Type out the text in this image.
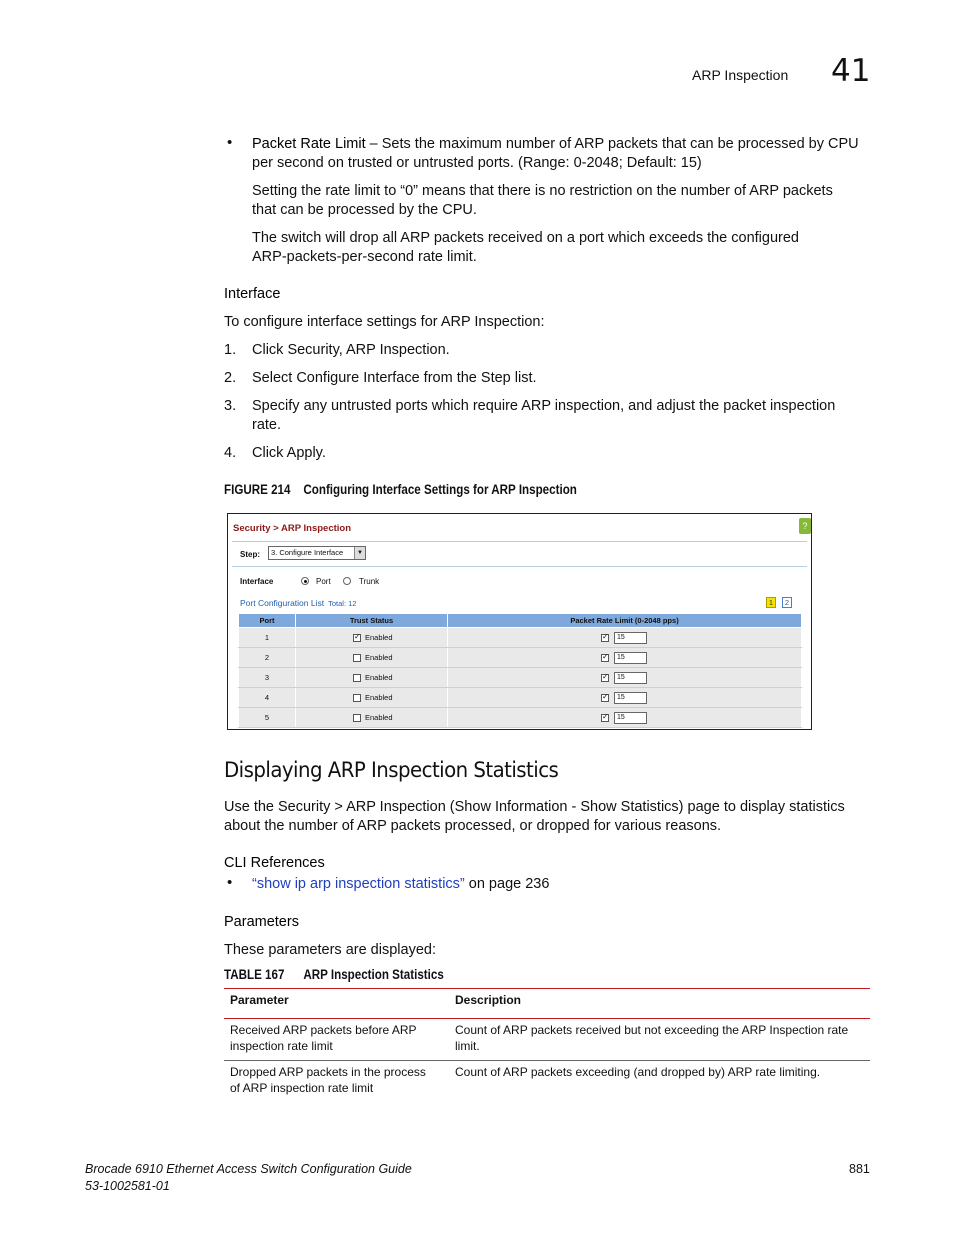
ARP Inspection 41
• Packet Rate Limit – Sets the maximum number of ARP packets that can be processed by CPU
per second on trusted or untrusted ports. (Range: 0-2048; Default: 15)
Setting the rate limit to “0” means that there is no restriction on the number of ARP packets
that can be processed by the CPU.
The switch will drop all ARP packets received on a port which exceeds the configured
ARP-packets-per-second rate limit.
Interface
To configure interface settings for ARP Inspection:
1. Click Security, ARP Inspection.
2. Select Configure Interface from the Step list.
3. Specify any untrusted ports which require ARP inspection, and adjust the packet inspection
rate.
4. Click Apply.
FIGURE 214 Configuring Interface Settings for ARP Inspection
Security > ARP Inspection	?
Step:	3. Configure Interface	▼
Interface	Port	Trunk
Port Configuration List Total: 12	1	2
Port	Trust Status	Packet Rate Limit (0-2048 pps)
1	✓Enabled	✓15
2	Enabled	✓15
3	Enabled	✓15
4	Enabled	✓15
5	Enabled	✓15
Displaying ARP Inspection Statistics
Use the Security > ARP Inspection (Show Information - Show Statistics) page to display statistics
about the number of ARP packets processed, or dropped for various reasons.
CLI References
• “show ip arp inspection statistics” on page 236
Parameters
These parameters are displayed:
TABLE 167 ARP Inspection Statistics
Parameter	Description
Received ARP packets before ARP
inspection rate limit	Count of ARP packets received but not exceeding the ARP Inspection rate
limit.
Dropped ARP packets in the process
of ARP inspection rate limit	Count of ARP packets exceeding (and dropped by) ARP rate limiting.
Brocade 6910 Ethernet Access Switch Configuration Guide
53-1002581-01
881
